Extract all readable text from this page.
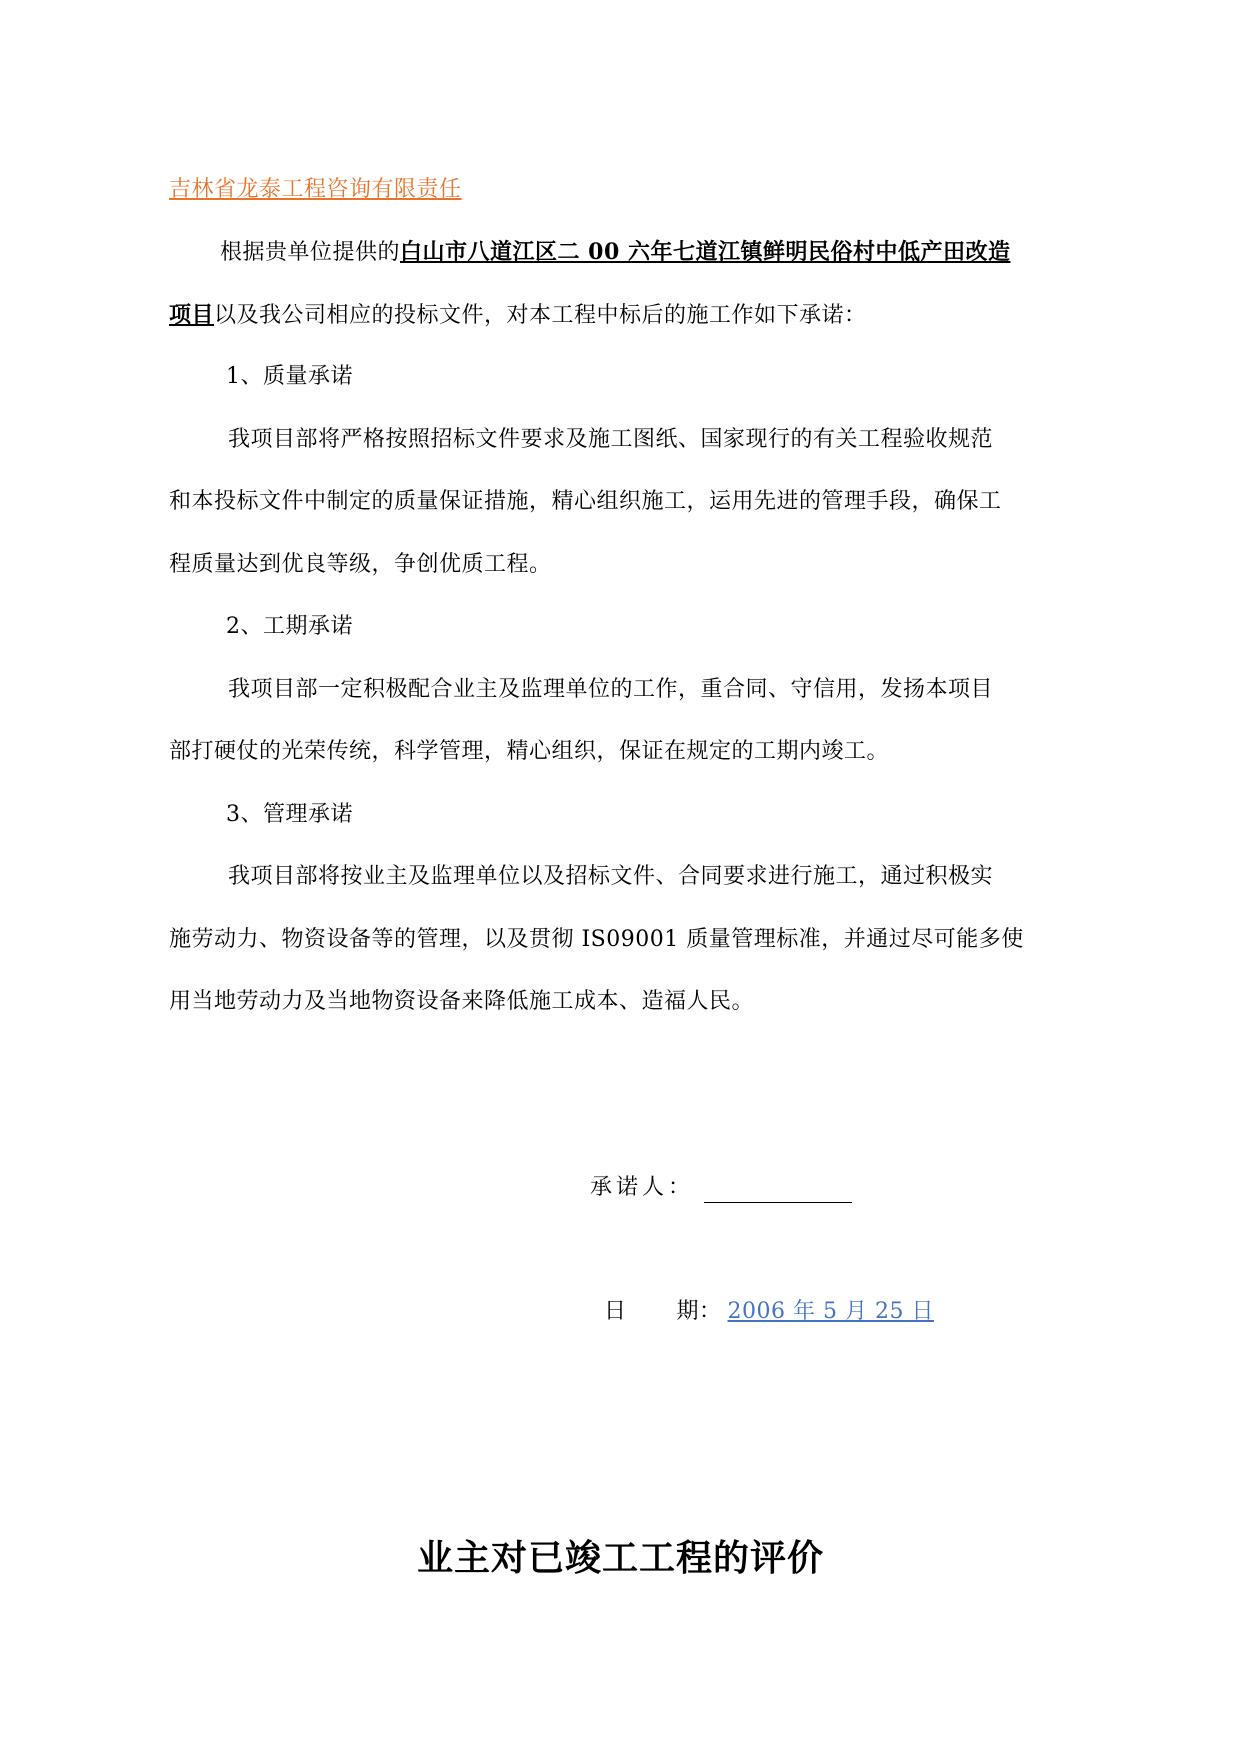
吉林省龙泰工程咨询有限责任
根据贵单位提供的白山市八道江区二 00 六年七道江镇鲜明民俗村中低产田改造
项目以及我公司相应的投标文件，对本工程中标后的施工作如下承诺：
1、质量承诺
我项目部将严格按照招标文件要求及施工图纸、国家现行的有关工程验收规范
和本投标文件中制定的质量保证措施，精心组织施工，运用先进的管理手段，确保工
程质量达到优良等级，争创优质工程。
2、工期承诺
我项目部一定积极配合业主及监理单位的工作，重合同、守信用，发扬本项目
部打硬仗的光荣传统，科学管理，精心组织，保证在规定的工期内竣工。
3、管理承诺
我项目部将按业主及监理单位以及招标文件、合同要求进行施工，通过积极实
施劳动力、物资设备等的管理，以及贯彻 IS09001 质量管理标准，并通过尽可能多使
用当地劳动力及当地物资设备来降低施工成本、造福人民。
承诺人：
日 期： 2006 年 5 月 25 日
业主对已竣工工程的评价
